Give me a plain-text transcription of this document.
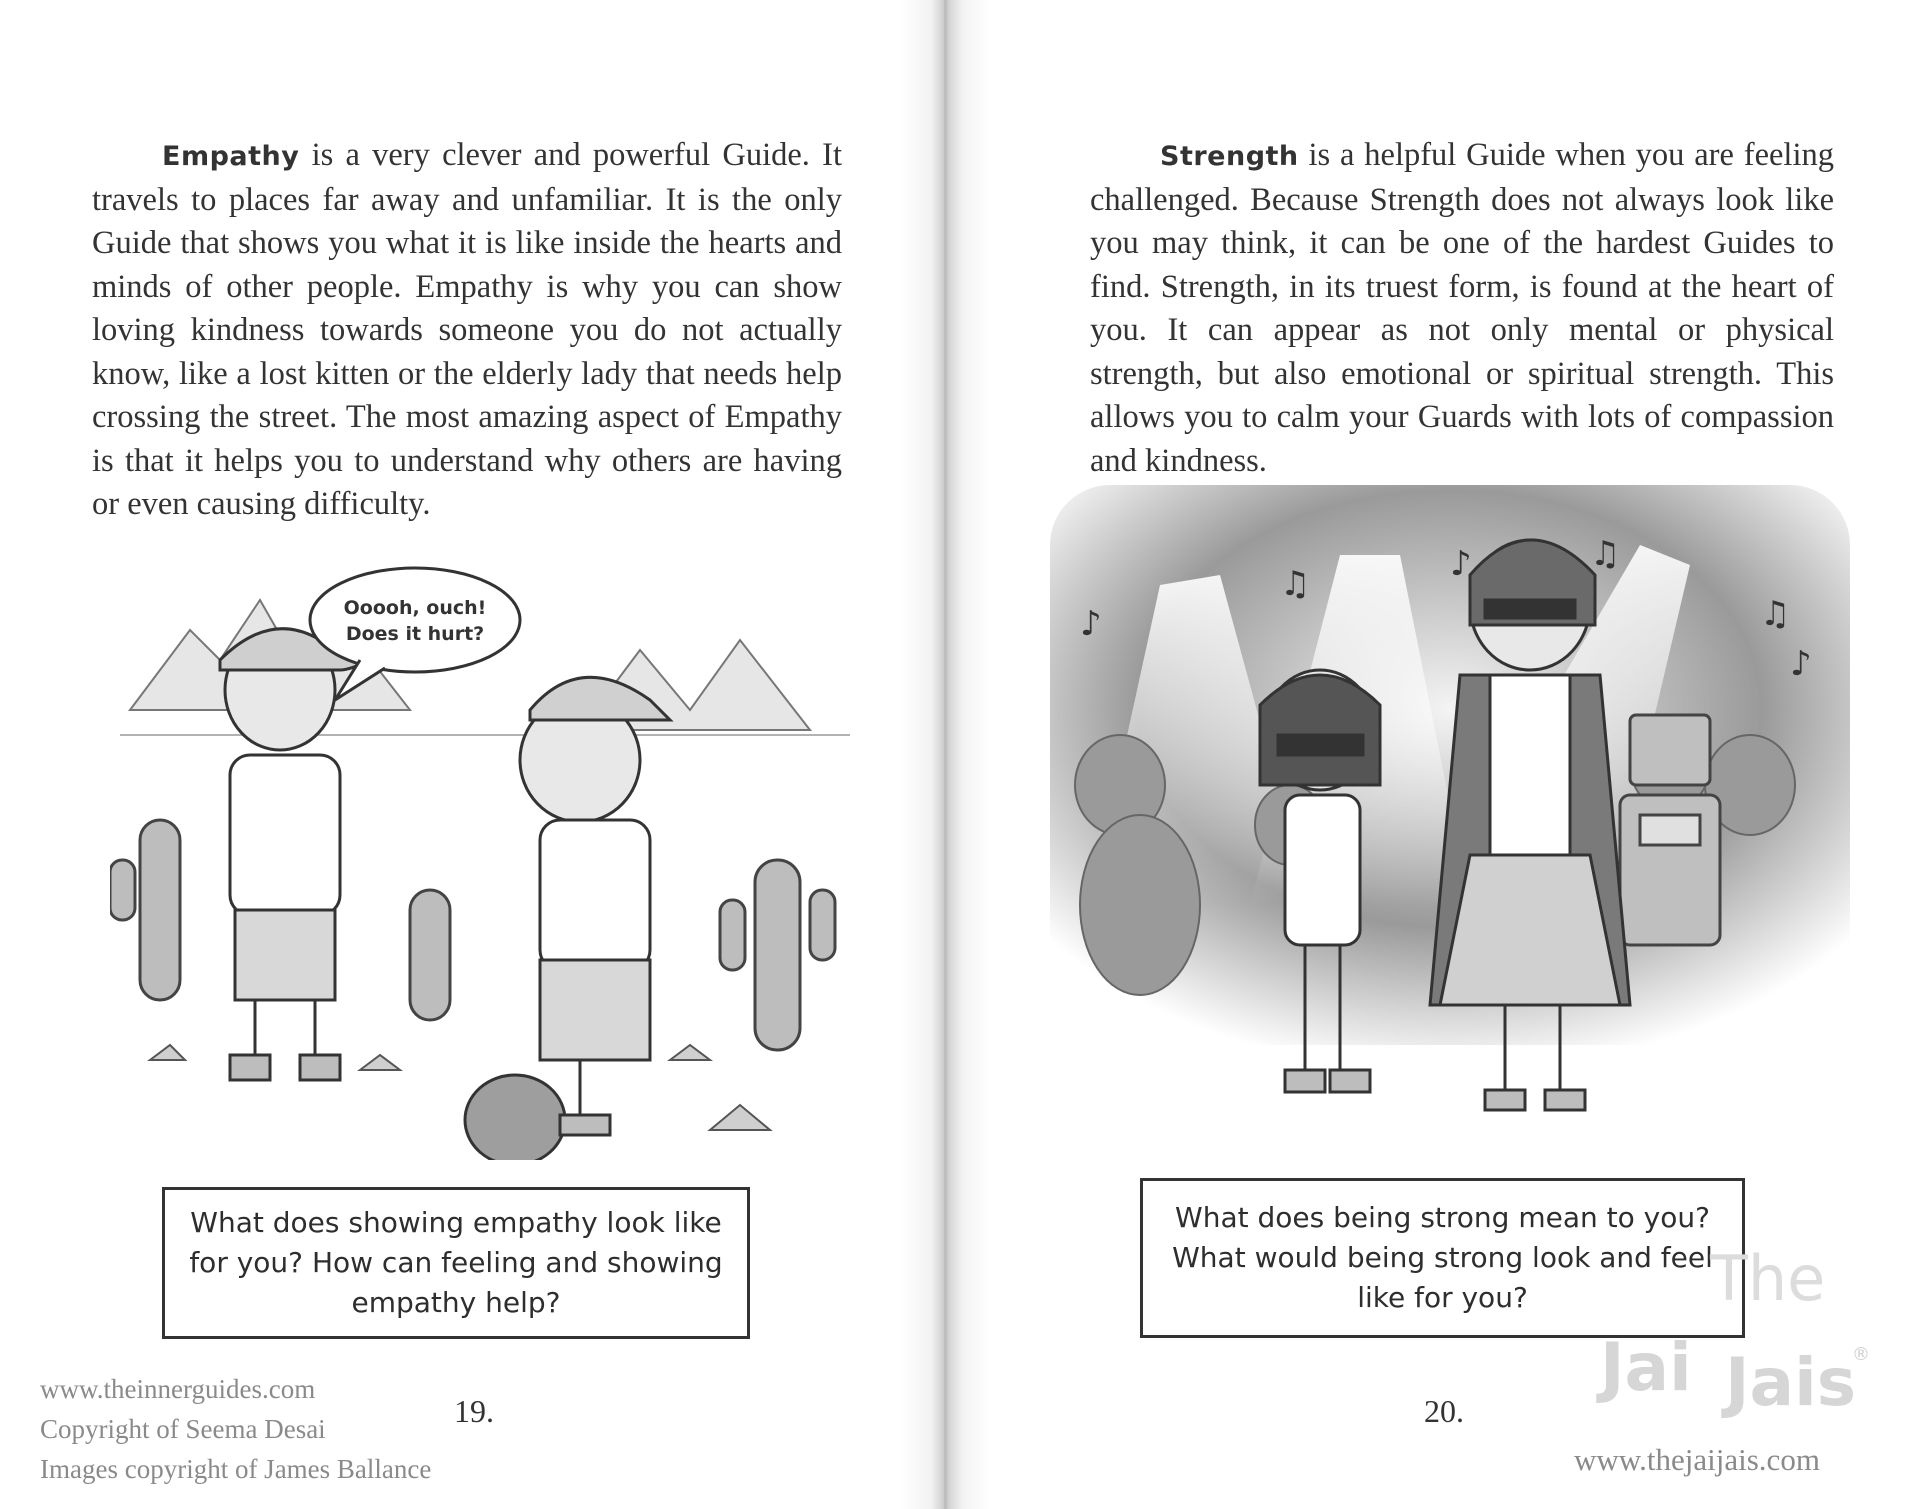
Empathy is a very clever and powerful Guide. It travels to places far away and unfamiliar. It is the only Guide that shows you what it is like inside the hearts and minds of other people. Empathy is why you can show loving kindness towards someone you do not actually know, like a lost kitten or the elderly lady that needs help crossing the street. The most amazing aspect of Empathy is that it helps you to understand why others are having or even causing difficulty.

Ooooh, ouch!
Does it hurt?

What does showing empathy look like for you? How can feeling and showing empathy help?

19.
www.theinnerguides.com
Copyright of Seema Desai
Images copyright of James Ballance

Strength is a helpful Guide when you are feeling challenged. Because Strength does not always look like you may think, it can be one of the hardest Guides to find. Strength, in its truest form, is found at the heart of you. It can appear as not only mental or physical strength, but also emotional or spiritual strength. This allows you to calm your Guards with lots of compassion and kindness.

♪
♫	♪	♫
♫
♪

What does being strong mean to you? What would being strong look and feel like for you?

20.
The
Jai Jais
®
www.thejaijais.com
